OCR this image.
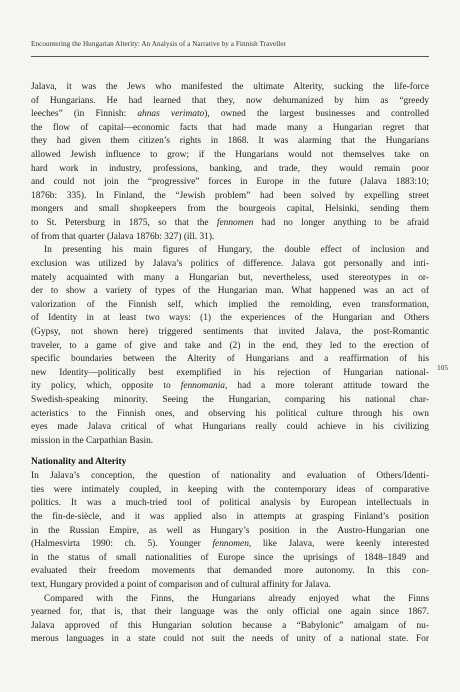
Encountering the Hungarian Alterity: An Analysis of a Narrative by a Finnish Traveller
105
Jalava, it was the Jews who manifested the ultimate Alterity, sucking the life-force
of Hungarians. He had learned that they, now dehumanized by him as “greedy
leeches” (in Finnish: ahnas verimato), owned the largest businesses and controlled
the flow of capital—economic facts that had made many a Hungarian regret that
they had given them citizen’s rights in 1868. It was alarming that the Hungarians
allowed Jewish influence to grow; if the Hungarians would not themselves take on
hard work in industry, professions, banking, and trade, they would remain poor
and could not join the “progressive” forces in Europe in the future (Jalava 1883:10;
1876b: 335). In Finland, the “Jewish problem” had been solved by expelling street
mongers and small shopkeepers from the bourgeois capital, Helsinki, sending them
to St. Petersburg in 1875, so that the fennomen had no longer anything to be afraid
of from that quarter (Jalava 1876b: 327) (ill. 31).
In presenting his main figures of Hungary, the double effect of inclusion and
exclusion was utilized by Jalava’s politics of difference. Jalava got personally and inti-
mately acquainted with many a Hungarian but, nevertheless, used stereotypes in or-
der to show a variety of types of the Hungarian man. What happened was an act of
valorization of the Finnish self, which implied the remolding, even transformation,
of Identity in at least two ways: (1) the experiences of the Hungarian and Others
(Gypsy, not shown here) triggered sentiments that invited Jalava, the post-Romantic
traveler, to a game of give and take and (2) in the end, they led to the erection of
specific boundaries between the Alterity of Hungarians and a reaffirmation of his
new Identity—politically best exemplified in his rejection of Hungarian national-
ity policy, which, opposite to fennomania, had a more tolerant attitude toward the
Swedish-speaking minority. Seeing the Hungarian, comparing his national char-
acteristics to the Finnish ones, and observing his political culture through his own
eyes made Jalava critical of what Hungarians really could achieve in his civilizing
mission in the Carpathian Basin.
Nationality and Alterity
In Jalava’s conception, the question of nationality and evaluation of Others/Identi-
ties were intimately coupled, in keeping with the contemporary ideas of comparative
politics. It was a much-tried tool of political analysis by European intellectuals in
the fin-de-siècle, and it was applied also in attempts at grasping Finland’s position
in the Russian Empire, as well as Hungary’s position in the Austro-Hungarian one
(Halmesvirta 1990: ch. 5). Younger fennomen, like Jalava, were keenly interested
in the status of small nationalities of Europe since the uprisings of 1848–1849 and
evaluated their freedom movements that demanded more autonomy. In this con-
text, Hungary provided a point of comparison and of cultural affinity for Jalava.
Compared with the Finns, the Hungarians already enjoyed what the Finns
yearned for, that is, that their language was the only official one again since 1867.
Jalava approved of this Hungarian solution because a “Babylonic” amalgam of nu-
merous languages in a state could not suit the needs of unity of a national state. For
